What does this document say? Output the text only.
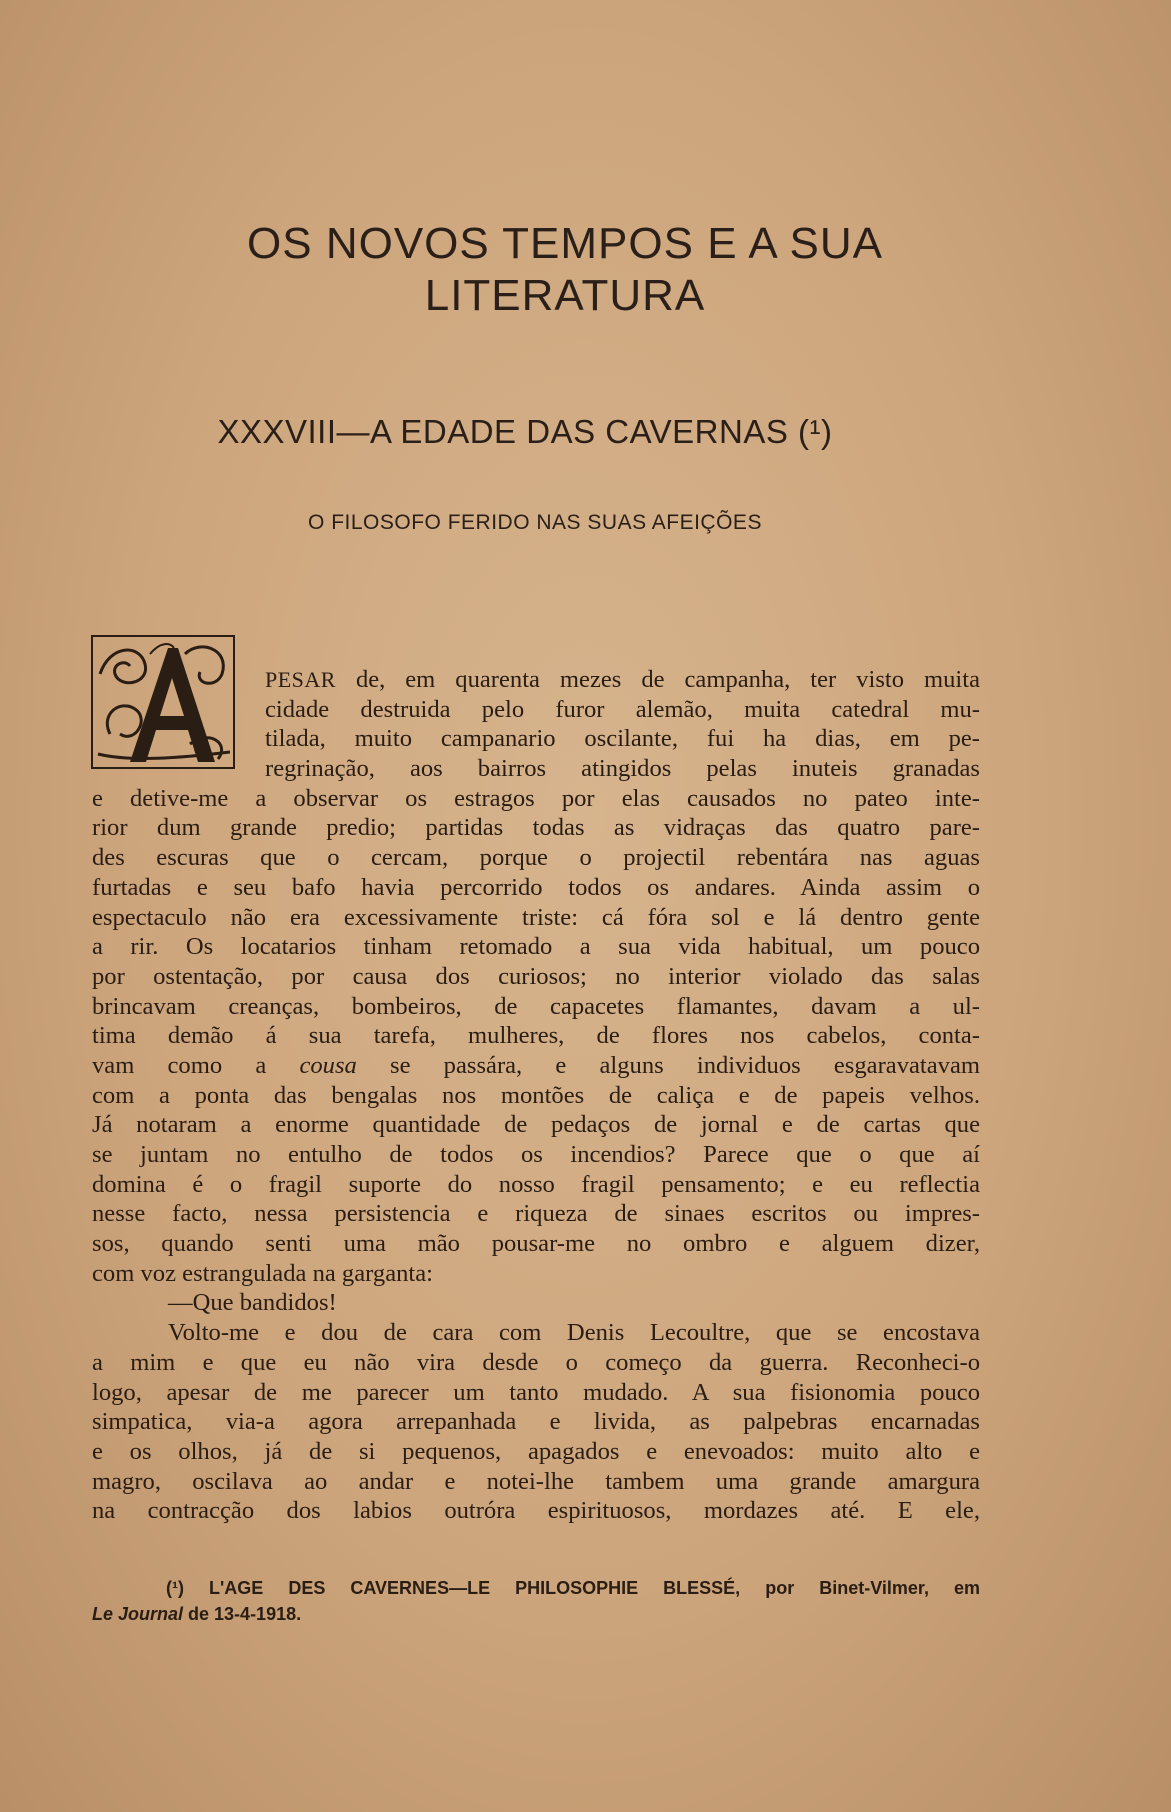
OS NOVOS TEMPOS E A SUA
LITERATURA
XXXVIII—A EDADE DAS CAVERNAS (¹)
O FILOSOFO FERIDO NAS SUAS AFEIÇÕES
A
PESAR de, em quarenta mezes de campanha, ter visto muita
cidade destruida pelo furor alemão, muita catedral mu-
tilada, muito campanario oscilante, fui ha dias, em pe-
regrinação, aos bairros atingidos pelas inuteis granadas
e detive-me a observar os estragos por elas causados no pateo inte-
rior dum grande predio; partidas todas as vidraças das quatro pare-
des escuras que o cercam, porque o projectil rebentára nas aguas
furtadas e seu bafo havia percorrido todos os andares. Ainda assim o
espectaculo não era excessivamente triste: cá fóra sol e lá dentro gente
a rir. Os locatarios tinham retomado a sua vida habitual, um pouco
por ostentação, por causa dos curiosos; no interior violado das salas
brincavam creanças, bombeiros, de capacetes flamantes, davam a ul-
tima demão á sua tarefa, mulheres, de flores nos cabelos, conta-
vam como a cousa se passára, e alguns individuos esgaravatavam
com a ponta das bengalas nos montões de caliça e de papeis velhos.
Já notaram a enorme quantidade de pedaços de jornal e de cartas que
se juntam no entulho de todos os incendios? Parece que o que aí
domina é o fragil suporte do nosso fragil pensamento; e eu reflectia
nesse facto, nessa persistencia e riqueza de sinaes escritos ou impres-
sos, quando senti uma mão pousar-me no ombro e alguem dizer,
com voz estrangulada na garganta:
—Que bandidos!
Volto-me e dou de cara com Denis Lecoultre, que se encostava
a mim e que eu não vira desde o começo da guerra. Reconheci-o
logo, apesar de me parecer um tanto mudado. A sua fisionomia pouco
simpatica, via-a agora arrepanhada e livida, as palpebras encarnadas
e os olhos, já de si pequenos, apagados e enevoados: muito alto e
magro, oscilava ao andar e notei-lhe tambem uma grande amargura
na contracção dos labios outróra espirituosos, mordazes até. E ele,
(¹) L'AGE DES CAVERNES—LE PHILOSOPHIE BLESSÉ, por Binet-Vilmer, em
Le Journal de 13-4-1918.
